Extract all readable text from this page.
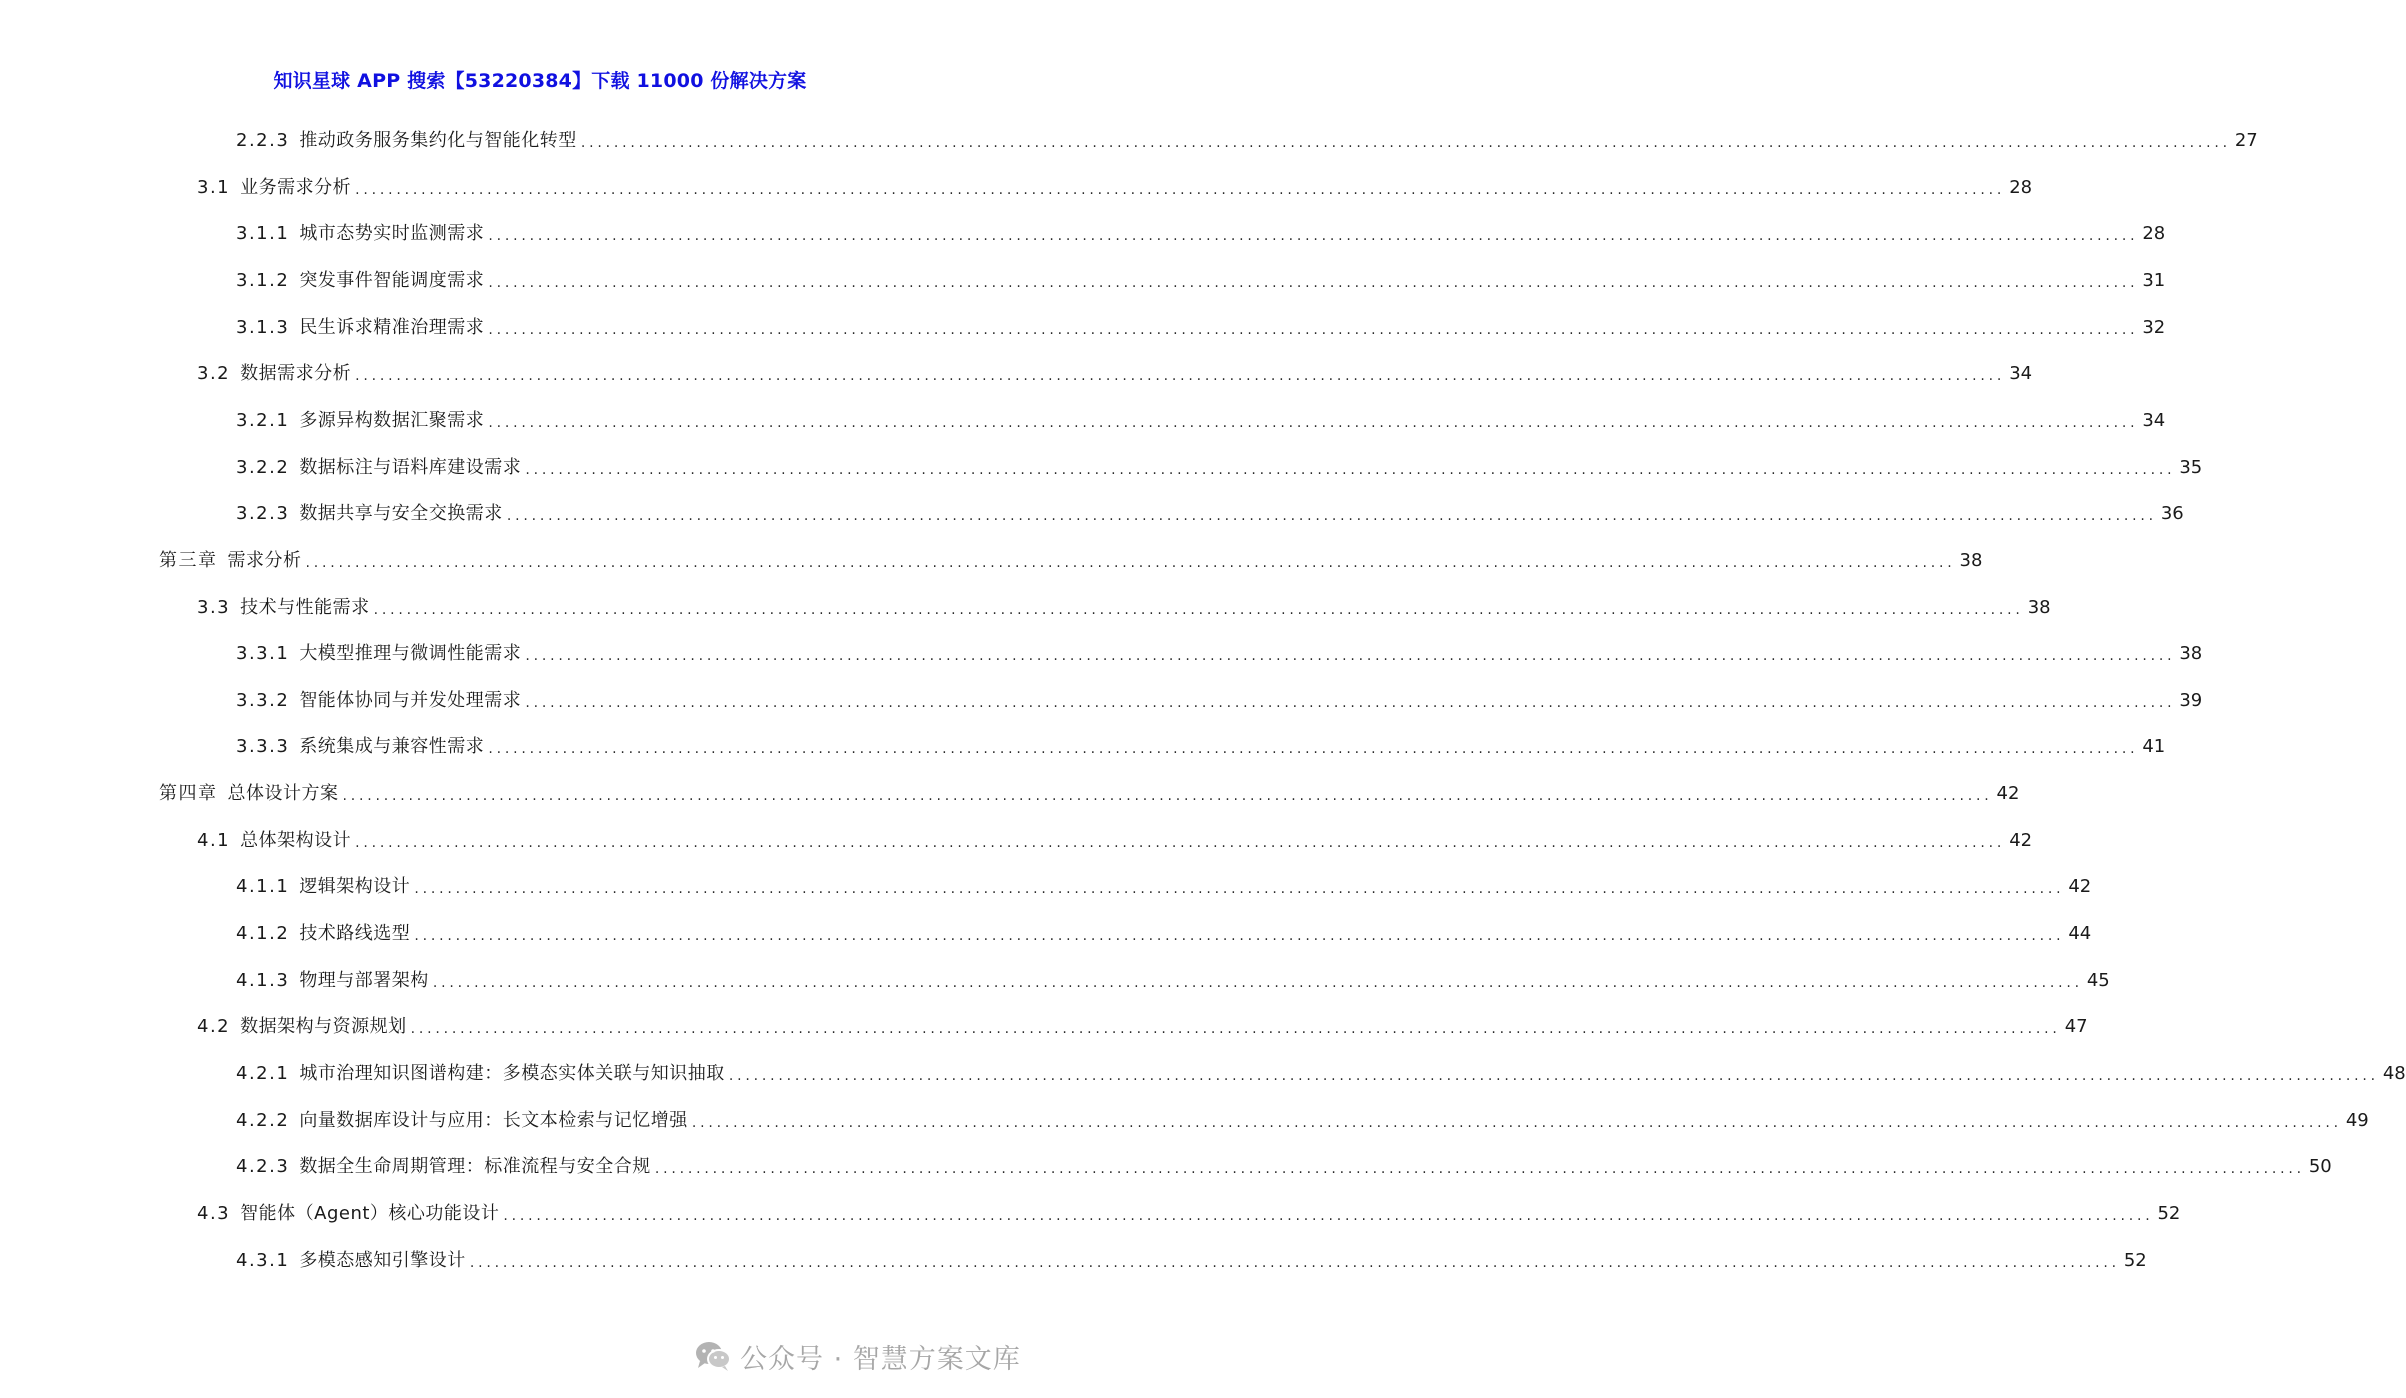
知识星球 APP 搜索【53220384】下载 11000 份解决方案
2.2.3 推动政务服务集约化与智能化转型 ........................................................................................................................................................................................................ 27
3.1 业务需求分析 ........................................................................................................................................................................................................ 28
3.1.1 城市态势实时监测需求 ........................................................................................................................................................................................................ 28
3.1.2 突发事件智能调度需求 ........................................................................................................................................................................................................ 31
3.1.3 民生诉求精准治理需求 ........................................................................................................................................................................................................ 32
3.2 数据需求分析 ........................................................................................................................................................................................................ 34
3.2.1 多源异构数据汇聚需求 ........................................................................................................................................................................................................ 34
3.2.2 数据标注与语料库建设需求 ........................................................................................................................................................................................................ 35
3.2.3 数据共享与安全交换需求 ........................................................................................................................................................................................................ 36
第三章 需求分析 ........................................................................................................................................................................................................ 38
3.3 技术与性能需求 ........................................................................................................................................................................................................ 38
3.3.1 大模型推理与微调性能需求 ........................................................................................................................................................................................................ 38
3.3.2 智能体协同与并发处理需求 ........................................................................................................................................................................................................ 39
3.3.3 系统集成与兼容性需求 ........................................................................................................................................................................................................ 41
第四章 总体设计方案 ........................................................................................................................................................................................................ 42
4.1 总体架构设计 ........................................................................................................................................................................................................ 42
4.1.1 逻辑架构设计 ........................................................................................................................................................................................................ 42
4.1.2 技术路线选型 ........................................................................................................................................................................................................ 44
4.1.3 物理与部署架构 ........................................................................................................................................................................................................ 45
4.2 数据架构与资源规划 ........................................................................................................................................................................................................ 47
4.2.1 城市治理知识图谱构建：多模态实体关联与知识抽取 ........................................................................................................................................................................................................ 48
4.2.2 向量数据库设计与应用：长文本检索与记忆增强 ........................................................................................................................................................................................................ 49
4.2.3 数据全生命周期管理：标准流程与安全合规 ........................................................................................................................................................................................................ 50
4.3 智能体（Agent）核心功能设计 ........................................................................................................................................................................................................ 52
4.3.1 多模态感知引擎设计 ........................................................................................................................................................................................................ 52
公众号 · 智慧方案文库
